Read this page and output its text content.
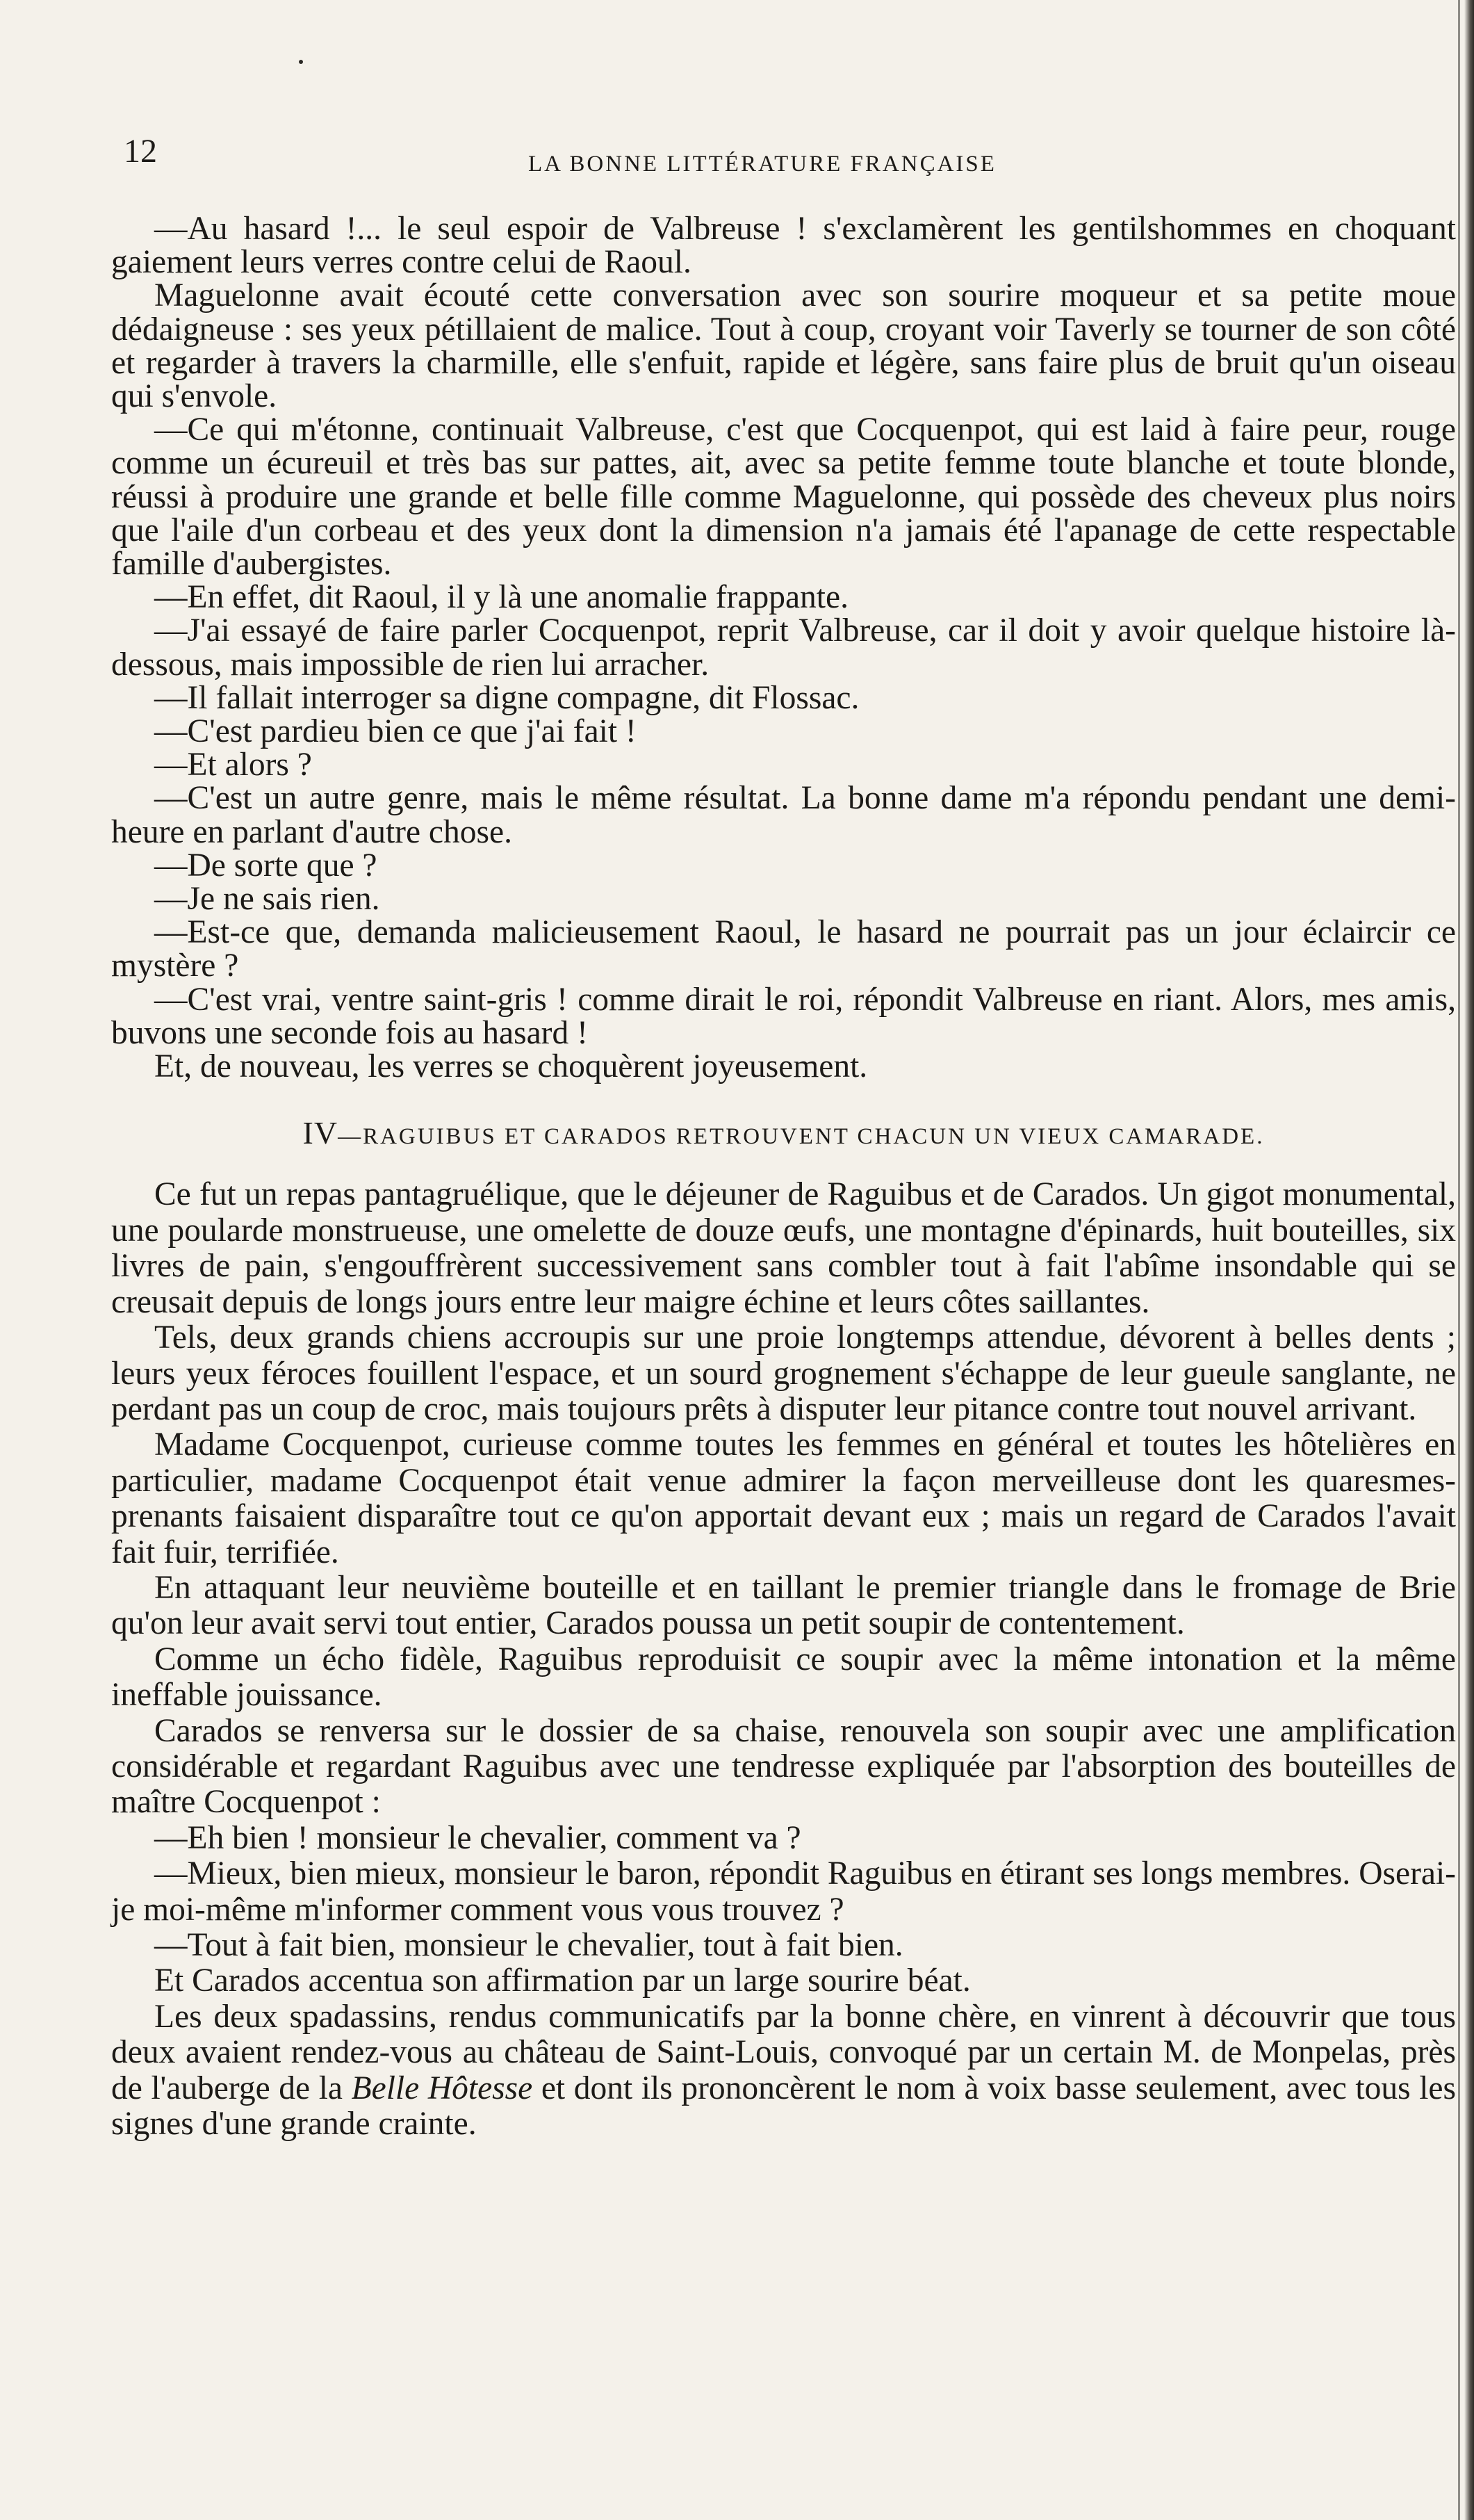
12	LA BONNE LITTÉRATURE FRANÇAISE

—Au hasard !... le seul espoir de Valbreuse ! s'exclamèrent les gentilshommes en choquant gaiement leurs verres contre celui de Raoul.

Maguelonne avait écouté cette conversation avec son sourire moqueur et sa petite moue dédaigneuse : ses yeux pétillaient de malice. Tout à coup, croyant voir Taverly se tourner de son côté et regarder à travers la charmille, elle s'enfuit, rapide et légère, sans faire plus de bruit qu'un oiseau qui s'envole.

—Ce qui m'étonne, continuait Valbreuse, c'est que Cocquenpot, qui est laid à faire peur, rouge comme un écureuil et très bas sur pattes, ait, avec sa petite femme toute blanche et toute blonde, réussi à produire une grande et belle fille comme Maguelonne, qui possède des cheveux plus noirs que l'aile d'un corbeau et des yeux dont la dimension n'a jamais été l'apanage de cette respectable famille d'aubergistes.

—En effet, dit Raoul, il y là une anomalie frappante.

—J'ai essayé de faire parler Cocquenpot, reprit Valbreuse, car il doit y avoir quelque histoire là-dessous, mais impossible de rien lui arracher.

—Il fallait interroger sa digne compagne, dit Flossac.

—C'est pardieu bien ce que j'ai fait !

—Et alors ?

—C'est un autre genre, mais le même résultat. La bonne dame m'a répondu pendant une demi-heure en parlant d'autre chose.

—De sorte que ?

—Je ne sais rien.

—Est-ce que, demanda malicieusement Raoul, le hasard ne pourrait pas un jour éclaircir ce mystère ?

—C'est vrai, ventre saint-gris ! comme dirait le roi, répondit Valbreuse en riant. Alors, mes amis, buvons une seconde fois au hasard !

Et, de nouveau, les verres se choquèrent joyeusement.

IV—RAGUIBUS ET CARADOS RETROUVENT CHACUN UN VIEUX CAMARADE.

Ce fut un repas pantagruélique, que le déjeuner de Raguibus et de Carados. Un gigot monumental, une poularde monstrueuse, une omelette de douze œufs, une montagne d'épinards, huit bouteilles, six livres de pain, s'engouffrèrent successivement sans combler tout à fait l'abîme insondable qui se creusait depuis de longs jours entre leur maigre échine et leurs côtes saillantes.

Tels, deux grands chiens accroupis sur une proie longtemps attendue, dévorent à belles dents ; leurs yeux féroces fouillent l'espace, et un sourd grognement s'échappe de leur gueule sanglante, ne perdant pas un coup de croc, mais toujours prêts à disputer leur pitance contre tout nouvel arrivant.

Madame Cocquenpot, curieuse comme toutes les femmes en général et toutes les hôtelières en particulier, madame Cocquenpot était venue admirer la façon merveilleuse dont les quaresmes-prenants faisaient disparaître tout ce qu'on apportait devant eux ; mais un regard de Carados l'avait fait fuir, terrifiée.

En attaquant leur neuvième bouteille et en taillant le premier triangle dans le fromage de Brie qu'on leur avait servi tout entier, Carados poussa un petit soupir de contentement.

Comme un écho fidèle, Raguibus reproduisit ce soupir avec la même intonation et la même ineffable jouissance.

Carados se renversa sur le dossier de sa chaise, renouvela son soupir avec une amplification considérable et regardant Raguibus avec une tendresse expliquée par l'absorption des bouteilles de maître Cocquenpot :

—Eh bien ! monsieur le chevalier, comment va ?

—Mieux, bien mieux, monsieur le baron, répondit Raguibus en étirant ses longs membres. Oserai-je moi-même m'informer comment vous vous trouvez ?

—Tout à fait bien, monsieur le chevalier, tout à fait bien.

Et Carados accentua son affirmation par un large sourire béat.

Les deux spadassins, rendus communicatifs par la bonne chère, en vinrent à découvrir que tous deux avaient rendez-vous au château de Saint-Louis, convoqué par un certain M. de Monpelas, près de l'auberge de la Belle Hôtesse et dont ils prononcèrent le nom à voix basse seulement, avec tous les signes d'une grande crainte.
